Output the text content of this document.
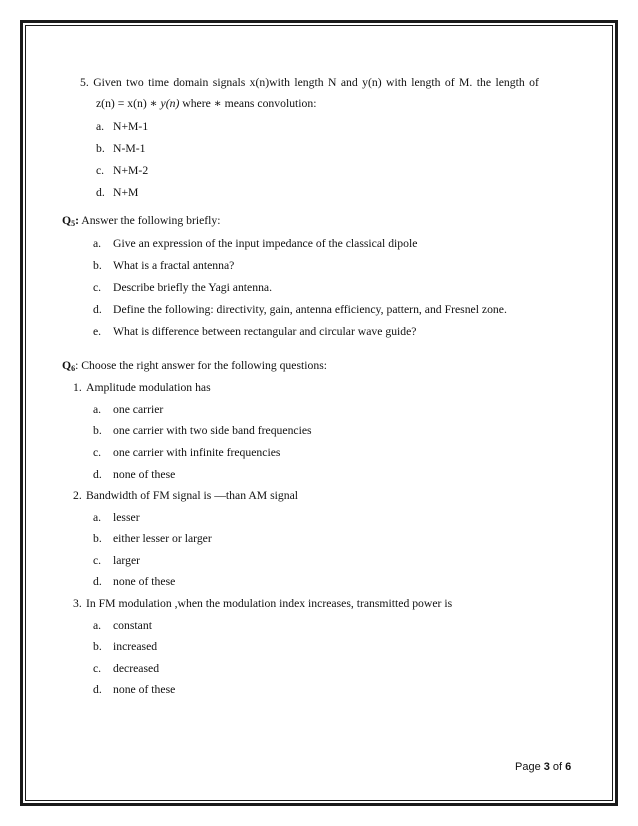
5. Given two time domain signals x(n)with length N and y(n) with length of M. the length of
z(n) = x(n) ∗ y(n) where ∗ means convolution:
a. N+M-1
b. N-M-1
c. N+M-2
d. N+M
$Q_5$: Answer the following briefly:
a. Give an expression of the input impedance of the classical dipole
b. What is a fractal antenna?
c. Describe briefly the Yagi antenna.
d. Define the following: directivity, gain, antenna efficiency, pattern, and Fresnel zone.
e. What is difference between rectangular and circular wave guide?
$Q_6$: Choose the right answer for the following questions:
1. Amplitude modulation has
a. one carrier
b. one carrier with two side band frequencies
c. one carrier with infinite frequencies
d. none of these
2. Bandwidth of FM signal is —than AM signal
a. lesser
b. either lesser or larger
c. larger
d. none of these
3. In FM modulation ,when the modulation index increases, transmitted power is
a. constant
b. increased
c. decreased
d. none of these
Page 3 of 6
